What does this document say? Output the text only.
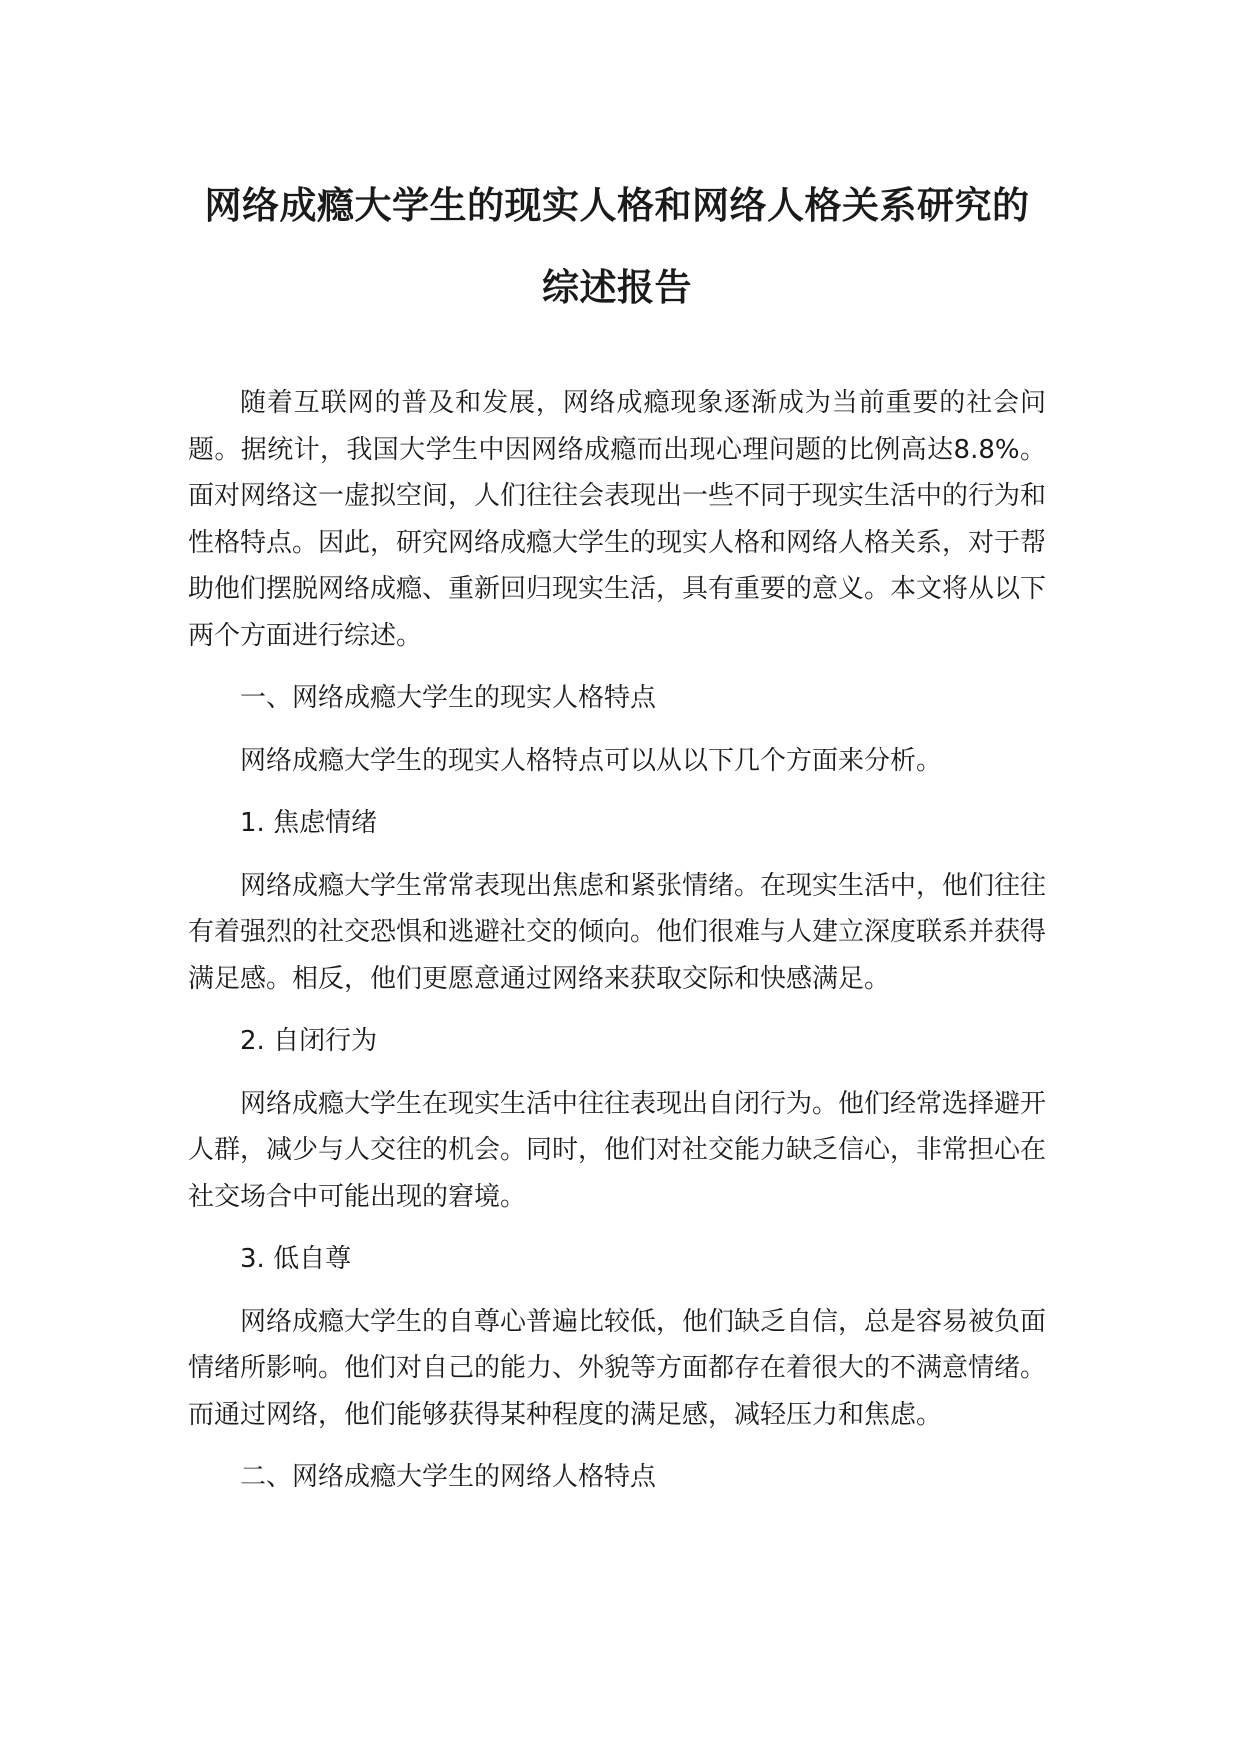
网络成瘾大学生的现实人格和网络人格关系研究的
综述报告

随着互联网的普及和发展，网络成瘾现象逐渐成为当前重要的社会问题。据统计，我国大学生中因网络成瘾而出现心理问题的比例高达8.8%。面对网络这一虚拟空间，人们往往会表现出一些不同于现实生活中的行为和性格特点。因此，研究网络成瘾大学生的现实人格和网络人格关系，对于帮助他们摆脱网络成瘾、重新回归现实生活，具有重要的意义。本文将从以下两个方面进行综述。

一、网络成瘾大学生的现实人格特点

网络成瘾大学生的现实人格特点可以从以下几个方面来分析。

1. 焦虑情绪

网络成瘾大学生常常表现出焦虑和紧张情绪。在现实生活中，他们往往有着强烈的社交恐惧和逃避社交的倾向。他们很难与人建立深度联系并获得满足感。相反，他们更愿意通过网络来获取交际和快感满足。

2. 自闭行为

网络成瘾大学生在现实生活中往往表现出自闭行为。他们经常选择避开人群，减少与人交往的机会。同时，他们对社交能力缺乏信心，非常担心在社交场合中可能出现的窘境。

3. 低自尊

网络成瘾大学生的自尊心普遍比较低，他们缺乏自信，总是容易被负面情绪所影响。他们对自己的能力、外貌等方面都存在着很大的不满意情绪。而通过网络，他们能够获得某种程度的满足感，减轻压力和焦虑。

二、网络成瘾大学生的网络人格特点
